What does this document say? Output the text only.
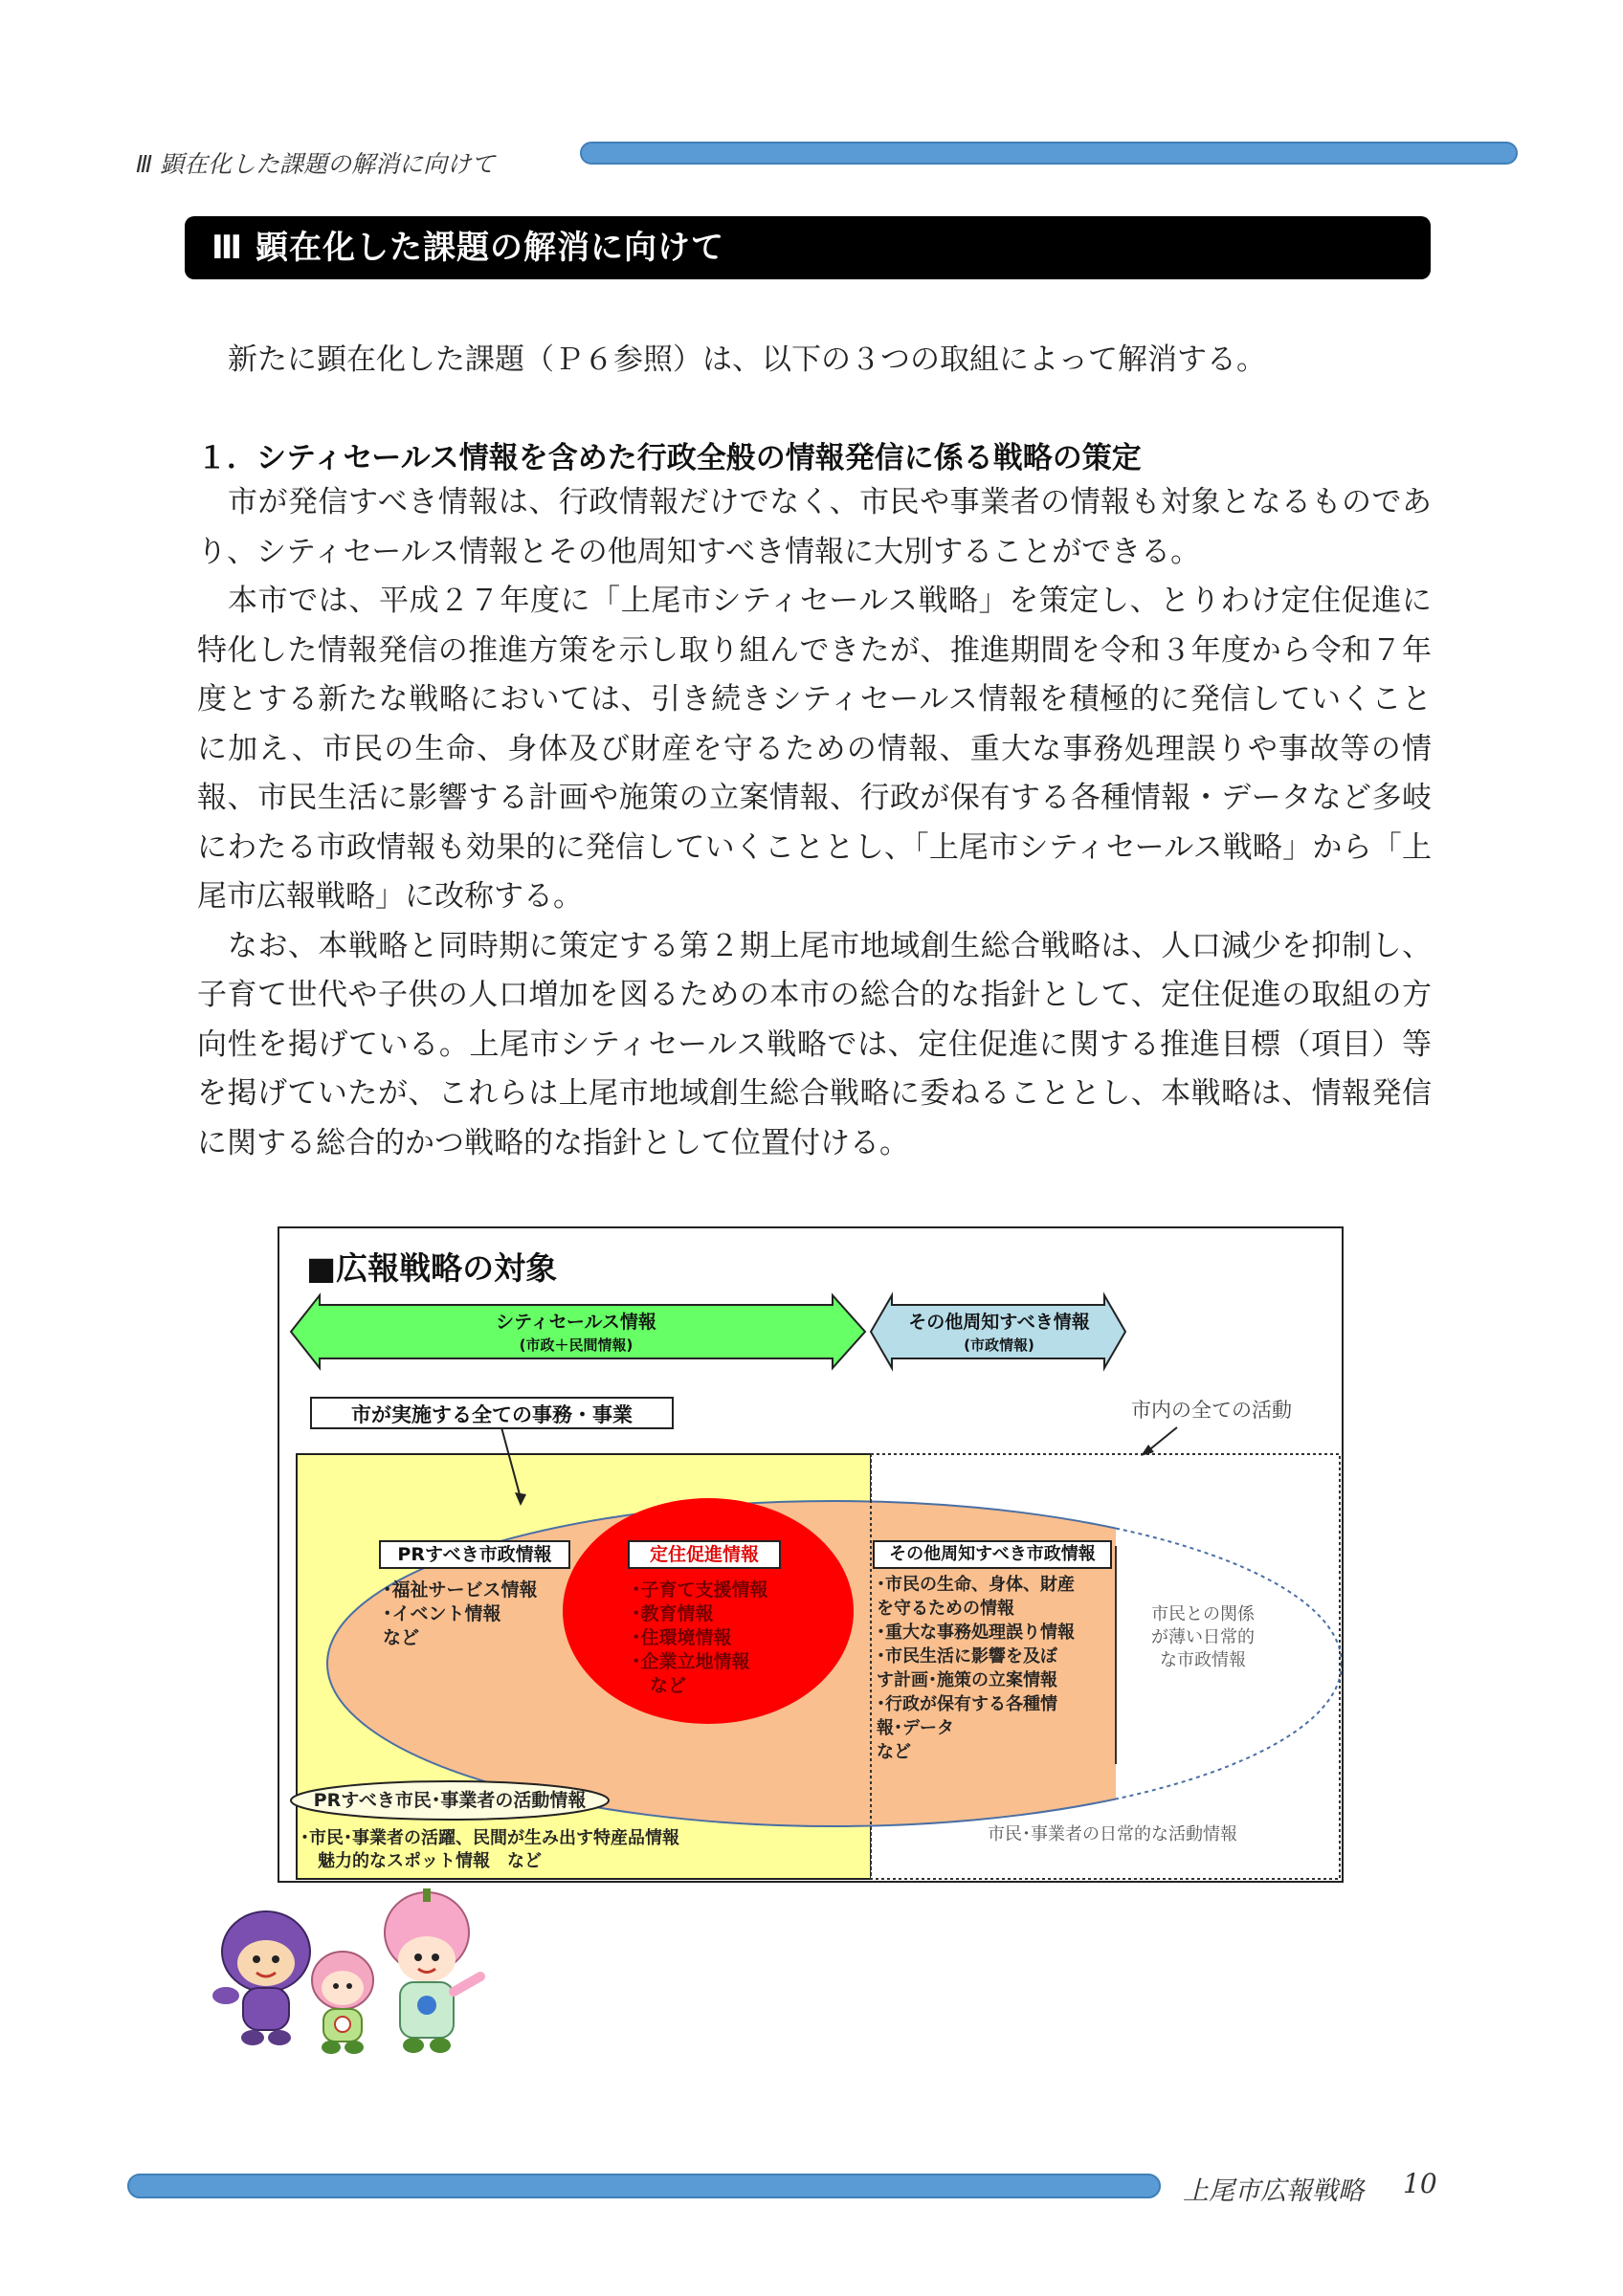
Ⅲ 顕在化した課題の解消に向けて
Ⅲ 顕在化した課題の解消に向けて
新たに顕在化した課題（Ｐ６参照）は、以下の３つの取組によって解消する。
１．シティセールス情報を含めた行政全般の情報発信に係る戦略の策定

市が発信すべき情報は、行政情報だけでなく、市民や事業者の情報も対象となるものであり、シティセールス情報とその他周知すべき情報に大別することができる。

本市では、平成２７年度に「上尾市シティセールス戦略」を策定し、とりわけ定住促進に特化した情報発信の推進方策を示し取り組んできたが、推進期間を令和３年度から令和７年度とする新たな戦略においては、引き続きシティセールス情報を積極的に発信していくことに加え、市民の生命、身体及び財産を守るための情報、重大な事務処理誤りや事故等の情報、市民生活に影響する計画や施策の立案情報、行政が保有する各種情報・データなど多岐にわたる市政情報も効果的に発信していくこととし、「上尾市シティセールス戦略」から「上尾市広報戦略」に改称する。

なお、本戦略と同時期に策定する第２期上尾市地域創生総合戦略は、人口減少を抑制し、子育て世代や子供の人口増加を図るための本市の総合的な指針として、定住促進の取組の方向性を掲げている。上尾市シティセールス戦略では、定住促進に関する推進目標（項目）等を掲げていたが、これらは上尾市地域創生総合戦略に委ねることとし、本戦略は、情報発信に関する総合的かつ戦略的な指針として位置付ける。

■広報戦略の対象
シティセールス情報
(市政＋民間情報)
その他周知すべき情報
(市政情報)
市が実施する全ての事務・事業	市内の全ての活動
PRすべき市政情報
･福祉サービス情報
･イベント情報
など
定住促進情報
･子育て支援情報
･教育情報
･住環境情報
･企業立地情報
　など
その他周知すべき市政情報
･市民の生命、身体、財産
を守るための情報
･重大な事務処理誤り情報
･市民生活に影響を及ぼ
す計画･施策の立案情報
･行政が保有する各種情
報･データ
など
市民との関係
が薄い日常的
な市政情報
PRすべき市民･事業者の活動情報
･市民･事業者の活躍、民間が生み出す特産品情報
　魅力的なスポット情報　など
市民･事業者の日常的な活動情報
上尾市広報戦略 10
